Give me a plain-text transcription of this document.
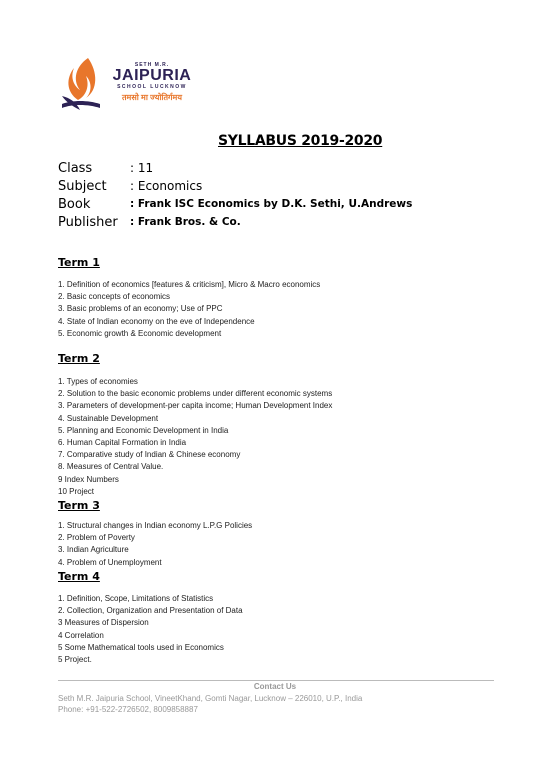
SETH M.R.
JAIPURIA
SCHOOL LUCKNOW
तमसो मा ज्योतिर्गमय
SYLLABUS 2019-2020
Class	: 11
Subject	: Economics
Book	: Frank ISC Economics by D.K. Sethi, U.Andrews
Publisher	: Frank Bros. & Co.
Term 1
1. Definition of economics [features & criticism], Micro & Macro economics
2. Basic concepts of economics
3. Basic problems of an economy; Use of PPC
4. State of Indian economy on the eve of Independence
5. Economic growth & Economic development
Term 2
1. Types of economies
2. Solution to the basic economic problems under different economic systems
3. Parameters of development-per capita income; Human Development Index
4. Sustainable Development
5. Planning and Economic Development in India
6. Human Capital Formation in India
7. Comparative study of Indian & Chinese economy
8. Measures of Central Value.
9 Index Numbers
10 Project
Term 3
1. Structural changes in Indian economy L.P.G Policies
2. Problem of Poverty
3. Indian Agriculture
4. Problem of Unemployment
Term 4
1. Definition, Scope, Limitations of Statistics
2. Collection, Organization and Presentation of Data
3 Measures of Dispersion
4 Correlation
5 Some Mathematical tools used in Economics
5 Project.
Contact Us
Seth M.R. Jaipuria School, VineetKhand, Gomti Nagar, Lucknow – 226010, U.P., India
Phone: +91-522-2726502, 8009858887
